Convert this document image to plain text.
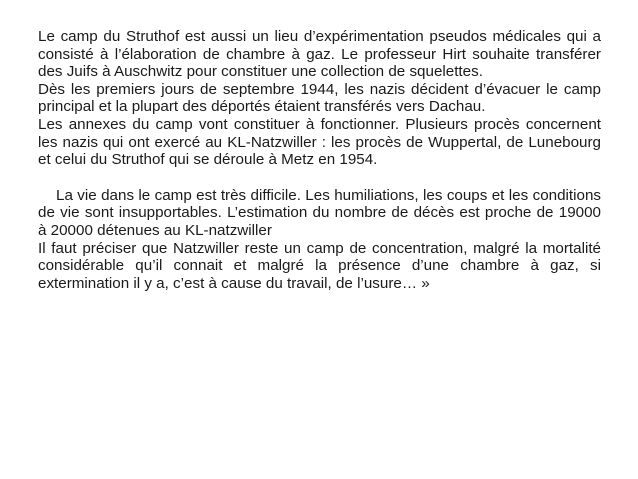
Le camp du Struthof est aussi un lieu d’expérimentation pseudos médicales qui a consisté à l’élaboration de chambre à gaz. Le professeur Hirt souhaite transférer des Juifs à Auschwitz pour constituer une collection de squelettes.

Dès les premiers jours de septembre 1944, les nazis décident d’évacuer le camp principal et la plupart des déportés étaient transférés vers Dachau.

Les annexes du camp vont constituer à fonctionner. Plusieurs procès concernent les nazis qui ont exercé au KL-Natzwiller : les procès de Wuppertal, de Lunebourg et celui du Struthof qui se déroule à Metz en 1954.

La vie dans le camp est très difficile. Les humiliations, les coups et les conditions de vie sont insupportables. L’estimation du nombre de décès est proche de 19000 à 20000 détenues au KL-natzwiller

Il faut préciser que Natzwiller reste un camp de concentration, malgré la mortalité considérable qu’il connait et malgré la présence d’une chambre à gaz, si extermination il y a, c’est à cause du travail, de l’usure… »
